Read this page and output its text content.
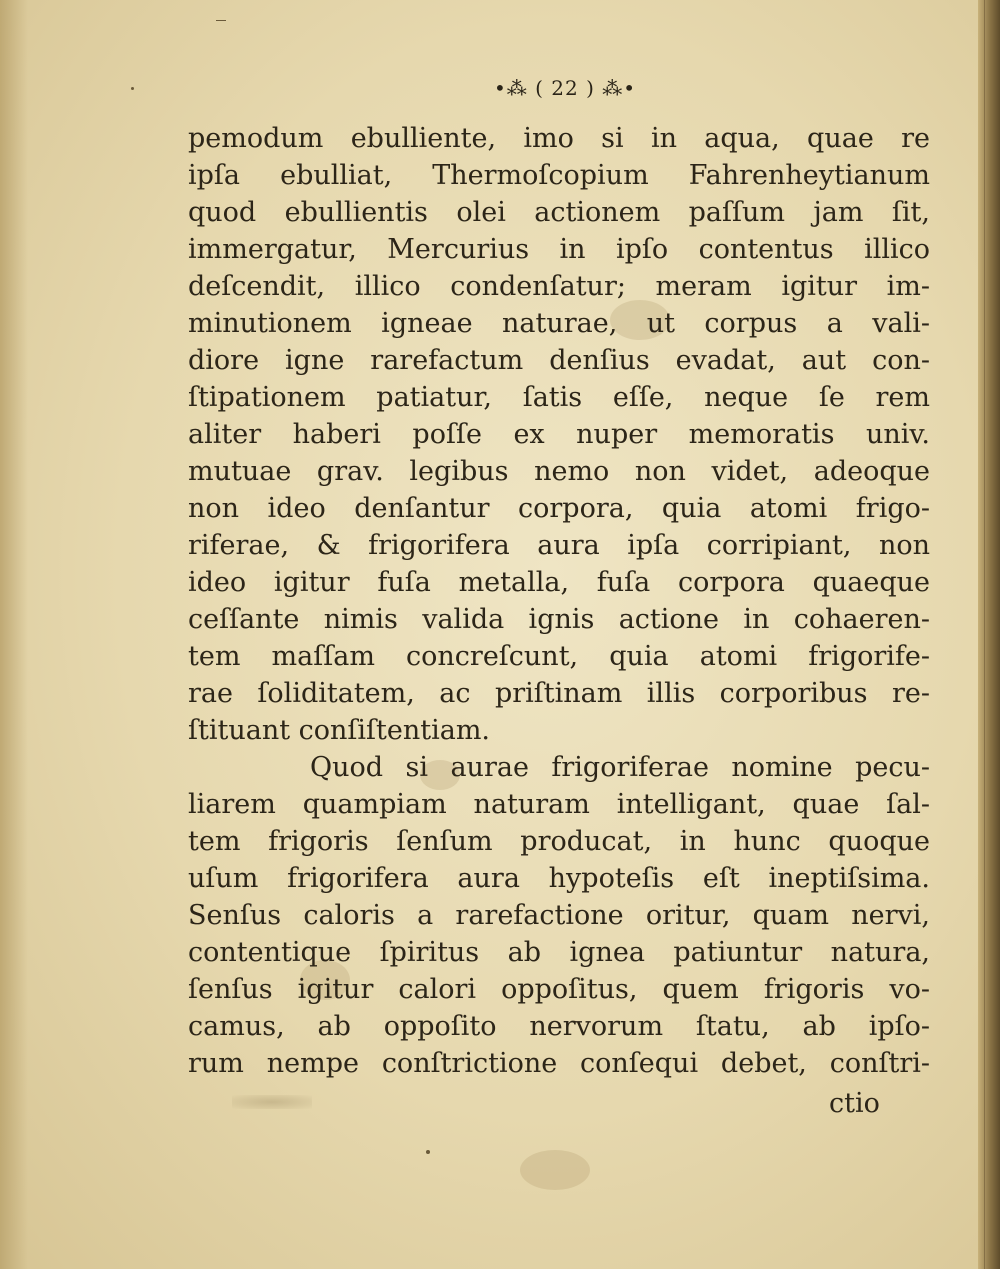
•⁂ ( 22 ) ⁂•
pemodum ebulliente, imo si in aqua, quae re
ipſa ebulliat, Thermoſcopium Fahrenheytianum
quod ebullientis olei actionem paſſum jam ſit,
immergatur, Mercurius in ipſo contentus illico
deſcendit, illico condenſatur; meram igitur im-
minutionem igneae naturae, ut corpus a vali-
diore igne rarefactum denſius evadat, aut con-
ſtipationem patiatur, ſatis eſſe, neque ſe rem
aliter haberi poſſe ex nuper memoratis univ.
mutuae grav. legibus nemo non videt, adeoque
non ideo denſantur corpora, quia atomi frigo-
riferae, & frigorifera aura ipſa corripiant, non
ideo igitur fuſa metalla, fuſa corpora quaeque
ceſſante nimis valida ignis actione in cohaeren-
tem maſſam concreſcunt, quia atomi frigorife-
rae ſoliditatem, ac priſtinam illis corporibus re-
ſtituant conſiſtentiam.
Quod si aurae frigoriferae nomine pecu-
liarem quampiam naturam intelligant, quae ſal-
tem frigoris ſenſum producat, in hunc quoque
uſum frigorifera aura hypoteſis eſt ineptiſsima.
Senſus caloris a rarefactione oritur, quam nervi,
contentique ſpiritus ab ignea patiuntur natura,
ſenſus igitur calori oppoſitus, quem frigoris vo-
camus, ab oppoſito nervorum ſtatu, ab ipſo-
rum nempe conſtrictione conſequi debet, conſtri-
ctio
